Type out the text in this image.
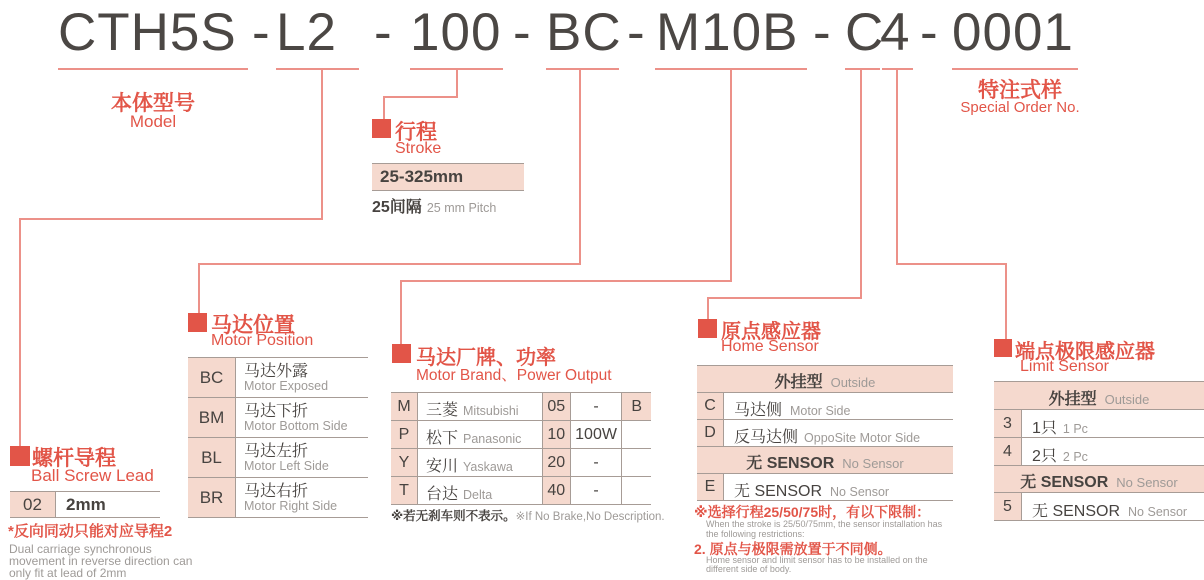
CTH5S - L2 - 100 - BC - M10B - C
4 - 0001
本体型号
Model
特注式样
Special Order No.
行程
Stroke
25-325mm
25间隔 25 mm Pitch
螺杆导程
Ball Screw Lead
02	2mm
*反向同动只能对应导程2
Dual carriage synchronous
movement in reverse direction can
only fit at lead of 2mm
马达位置
Motor Position
BC	马达外露
Motor Exposed
BM	马达下折
Motor Bottom Side
BL	马达左折
Motor Left Side
BR	马达右折
Motor Right Side
马达厂牌、功率
Motor Brand、Power Output
M 三菱 Mitsubishi 05	-	B
P	松下 Panasonic 10 100W
Y	安川 Yaskawa 20	-
T	台达 Delta	40	-
※若无刹车则不表示。※If No Brake,No Description.
原点感应器
Home Sensor
外挂型 Outside
C	马达侧 Motor Side
D	反马达侧 OppoSite Motor Side
无 SENSOR No Sensor
E	无 SENSOR No Sensor
※选择行程25/50/75时，有以下限制：
When the stroke is 25/50/75mm, the sensor installation has
the following restrictions:
2. 原点与极限需放置于不同侧。
Home sensor and limit sensor has to be installed on the
different side of body.
端点极限感应器
Limit Sensor
外挂型 Outside
3	1只 1 Pc
4	2只 2 Pc
无 SENSOR No Sensor
5	无 SENSOR No Sensor
